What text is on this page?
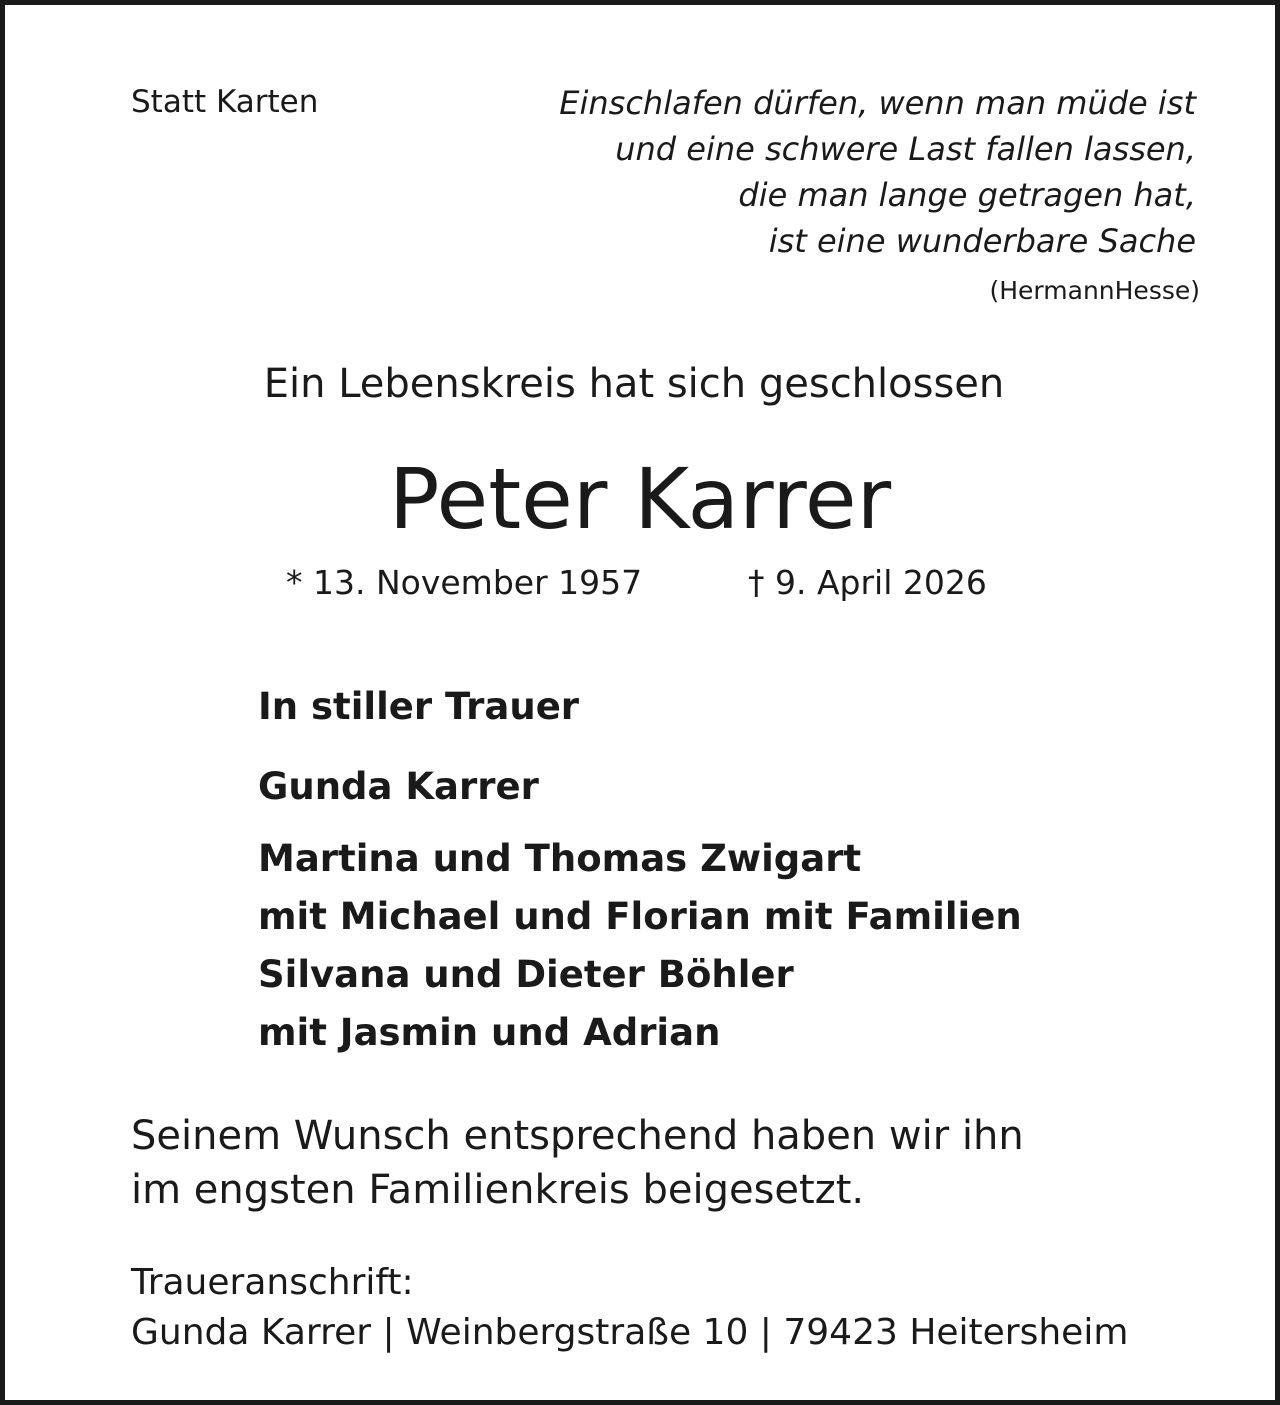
Statt Karten	Einschlafen dürfen, wenn man müde ist
und eine schwere Last fallen lassen,
die man lange getragen hat,
ist eine wunderbare Sache
(HermannHesse)
Ein Lebenskreis hat sich geschlossen
Peter Karrer
* 13. November 1957	† 9. April 2026
In stiller Trauer
Gunda Karrer
Martina und Thomas Zwigart
mit Michael und Florian mit Familien
Silvana und Dieter Böhler
mit Jasmin und Adrian
Seinem Wunsch entsprechend haben wir ihn
im engsten Familienkreis beigesetzt.
Traueranschrift:
Gunda Karrer | Weinbergstraße 10 | 79423 Heitersheim
